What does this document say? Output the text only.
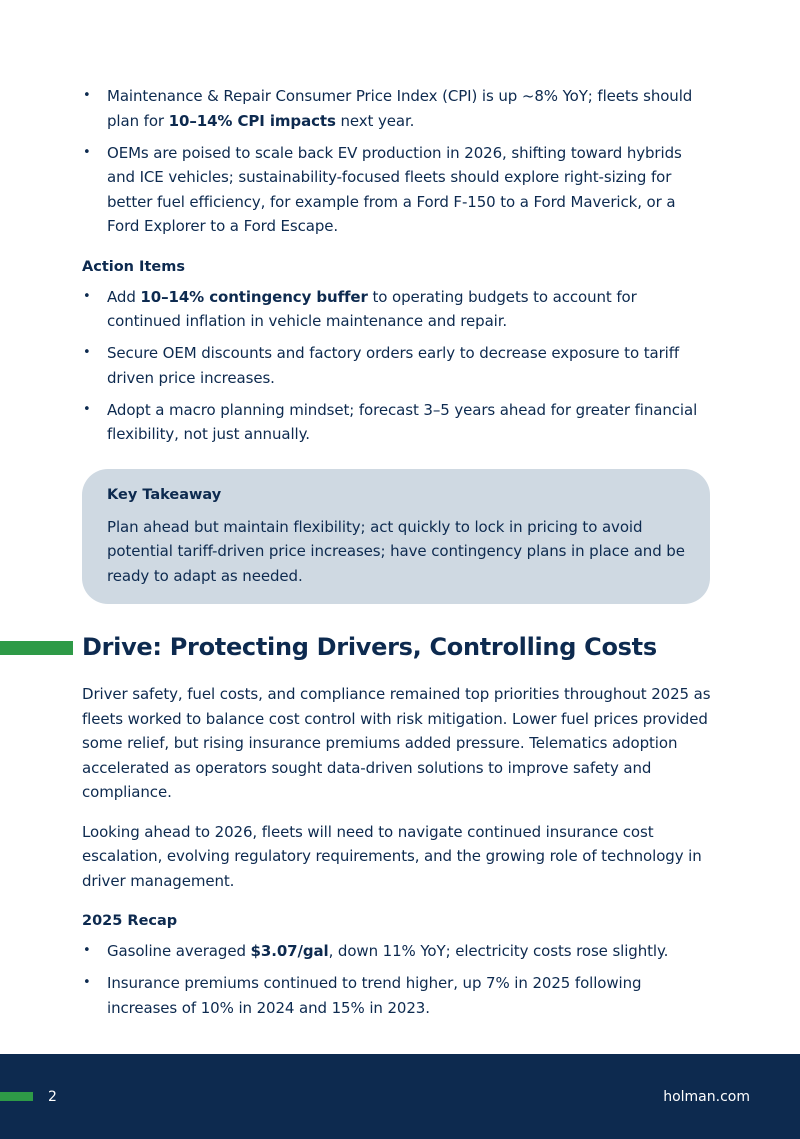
• Maintenance & Repair Consumer Price Index (CPI) is up ~8% YoY; fleets should plan for 10–14% CPI impacts next year.
• OEMs are poised to scale back EV production in 2026, shifting toward hybrids and ICE vehicles; sustainability-focused fleets should explore right-sizing for better fuel efficiency, for example from a Ford F-150 to a Ford Maverick, or a Ford Explorer to a Ford Escape.
Action Items
• Add 10–14% contingency buffer to operating budgets to account for continued inflation in vehicle maintenance and repair.
• Secure OEM discounts and factory orders early to decrease exposure to tariff driven price increases.
• Adopt a macro planning mindset; forecast 3–5 years ahead for greater financial flexibility, not just annually.
Key Takeaway
Plan ahead but maintain flexibility; act quickly to lock in pricing to avoid potential tariff-driven price increases; have contingency plans in place and be ready to adapt as needed.
Drive: Protecting Drivers, Controlling Costs

Driver safety, fuel costs, and compliance remained top priorities throughout 2025 as fleets worked to balance cost control with risk mitigation. Lower fuel prices provided some relief, but rising insurance premiums added pressure. Telematics adoption accelerated as operators sought data-driven solutions to improve safety and compliance.

Looking ahead to 2026, fleets will need to navigate continued insurance cost escalation, evolving regulatory requirements, and the growing role of technology in driver management.

2025 Recap
• Gasoline averaged $3.07/gal, down 11% YoY; electricity costs rose slightly.
• Insurance premiums continued to trend higher, up 7% in 2025 following increases of 10% in 2024 and 15% in 2023.
2	holman.com
